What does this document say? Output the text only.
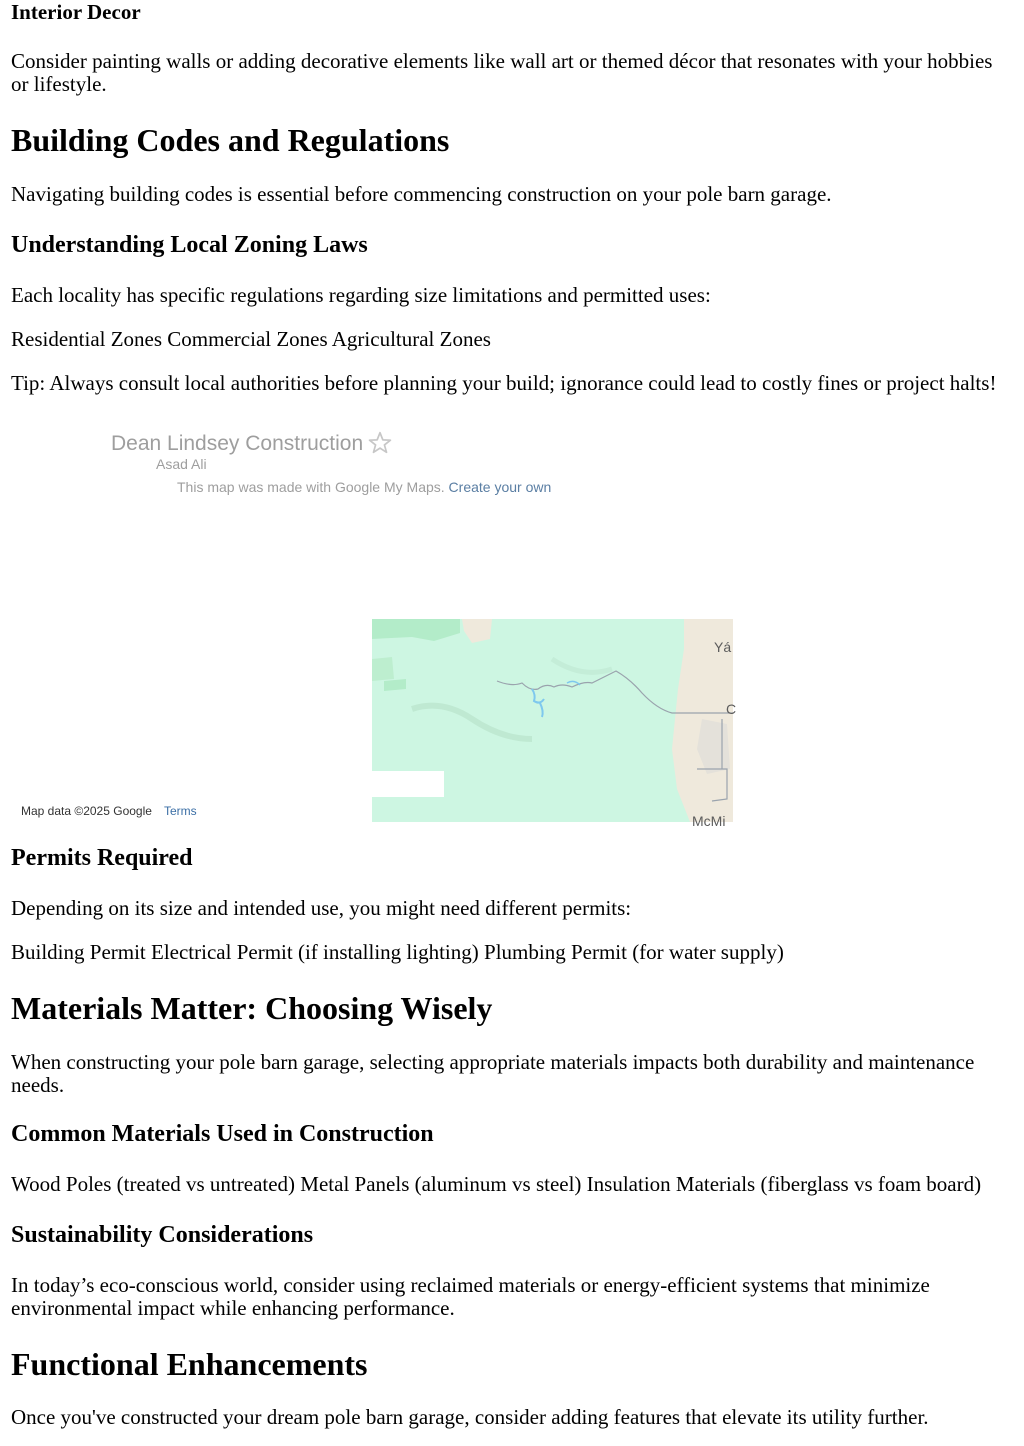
Interior Decor

Consider painting walls or adding decorative elements like wall art or themed décor that resonates with your hobbies or lifestyle.

Building Codes and Regulations

Navigating building codes is essential before commencing construction on your pole barn garage.

Understanding Local Zoning Laws

Each locality has specific regulations regarding size limitations and permitted uses:

Residential Zones Commercial Zones Agricultural Zones

Tip: Always consult local authorities before planning your build; ignorance could lead to costly fines or project halts!

Dean Lindsey Construction
Asad Ali
This map was made with Google My Maps. Create your own
Yá
C
McMi
Map data ©2025 Google Terms
Permits Required

Depending on its size and intended use, you might need different permits:

Building Permit Electrical Permit (if installing lighting) Plumbing Permit (for water supply)

Materials Matter: Choosing Wisely

When constructing your pole barn garage, selecting appropriate materials impacts both durability and maintenance needs.

Common Materials Used in Construction

Wood Poles (treated vs untreated) Metal Panels (aluminum vs steel) Insulation Materials (fiberglass vs foam board)

Sustainability Considerations

In today’s eco-conscious world, consider using reclaimed materials or energy-efficient systems that minimize environmental impact while enhancing performance.

Functional Enhancements

Once you've constructed your dream pole barn garage, consider adding features that elevate its utility further.
